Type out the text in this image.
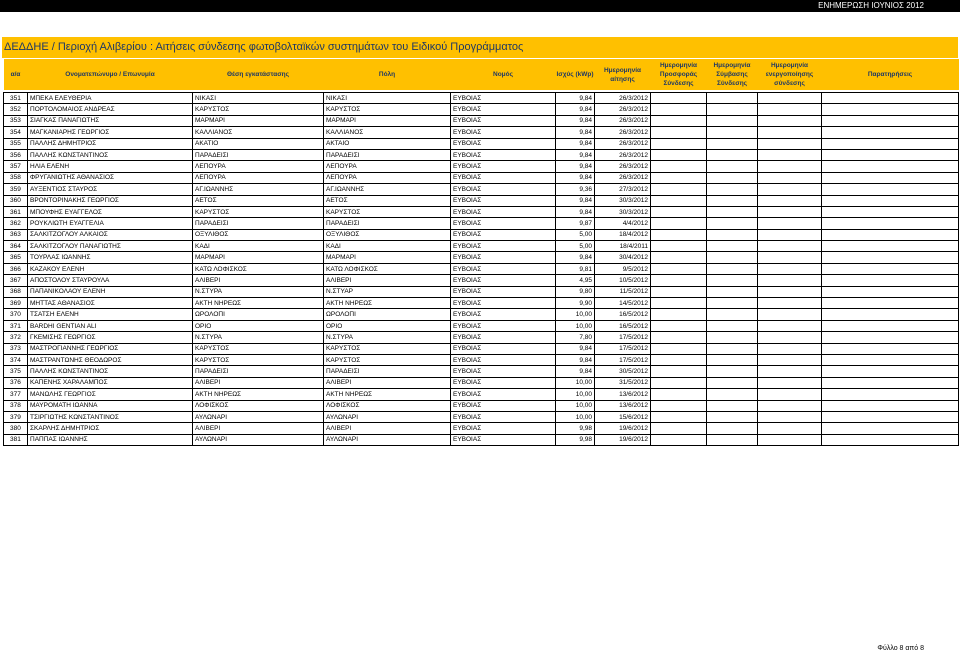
ΕΝΗΜΕΡΩΣΗ ΙΟΥΝΙΟΣ 2012
ΔΕΔΔΗΕ / Περιοχή Αλιβερίου : Αιτήσεις σύνδεσης φωτοβολταϊκών συστημάτων του Ειδικού Προγράμματος
α/α	Ονοματεπώνυμο / Επωνυμία	Θέση εγκατάστασης	Πόλη	Νομός	Ισχύς (kWp)	Ημερομηνία αίτησης	Ημερομηνία Προσφοράς Σύνδεσης	Ημερομηνία Σύμβασης Σύνδεσης	Ημερομηνία ενεργοποίησης σύνδεσης	Παρατηρήσεις

351	ΜΠΕΚΑ ΕΛΕΥΘΕΡΙΑ	ΝΙΚΑΣΙ	ΝΙΚΑΣΙ	ΕΥΒΟΙΑΣ	9,84	26/3/2012				
352	ΠΟΡΤΟΛΟΜΑΙΟΣ ΑΝΔΡΕΑΣ	ΚΑΡΥΣΤΟΣ	ΚΑΡΥΣΤΟΣ	ΕΥΒΟΙΑΣ	9,84	26/3/2012				
353	ΣΙΑΓΚΑΣ ΠΑΝΑΓΙΩΤΗΣ	ΜΑΡΜΑΡΙ	ΜΑΡΜΑΡΙ	ΕΥΒΟΙΑΣ	9,84	26/3/2012				
354	ΜΑΓΚΑΝΙΑΡΗΣ ΓΕΩΡΓΙΟΣ	ΚΑΛΛΙΑΝΟΣ	ΚΑΛΛΙΑΝΟΣ	ΕΥΒΟΙΑΣ	9,84	26/3/2012				
355	ΠΑΛΛΗΣ ΔΗΜΗΤΡΙΟΣ	ΑΚΑΤΙΟ	ΑΚΤΑΙΟ	ΕΥΒΟΙΑΣ	9,84	26/3/2012				
356	ΠΑΛΛΗΣ ΚΩΝΣΤΑΝΤΙΝΟΣ	ΠΑΡΑΔΕΙΣΙ	ΠΑΡΑΔΕΙΣΙ	ΕΥΒΟΙΑΣ	9,84	26/3/2012				
357	ΗΛΙΑ ΕΛΕΝΗ	ΛΕΠΟΥΡΑ	ΛΕΠΟΥΡΑ	ΕΥΒΟΙΑΣ	9,84	26/3/2012				
358	ΦΡΥΓΑΝΙΩΤΗΣ ΑΘΑΝΑΣΙΟΣ	ΛΕΠΟΥΡΑ	ΛΕΠΟΥΡΑ	ΕΥΒΟΙΑΣ	9,84	26/3/2012				
359	ΑΥΞΕΝΤΙΟΣ ΣΤΑΥΡΟΣ	ΑΓ.ΙΩΑΝΝΗΣ	ΑΓ.ΙΩΑΝΝΗΣ	ΕΥΒΟΙΑΣ	9,36	27/3/2012				
360	ΒΡΟΝΤΟΡΙΝΑΚΗΣ ΓΕΩΡΓΙΟΣ	ΑΕΤΟΣ	ΑΕΤΟΣ	ΕΥΒΟΙΑΣ	9,84	30/3/2012				
361	ΜΠΟΥΦΗΣ ΕΥΑΓΓΕΛΟΣ	ΚΑΡΥΣΤΟΣ	ΚΑΡΥΣΤΟΣ	ΕΥΒΟΙΑΣ	9,84	30/3/2012				
362	ΡΟΥΚΛΙΩΤΗ ΕΥΑΓΓΕΛΙΑ	ΠΑΡΑΔΕΙΣΙ	ΠΑΡΑΔΕΙΣΙ	ΕΥΒΟΙΑΣ	9,87	4/4/2012				
363	ΣΑΛΚΙΤΖΟΓΛΟΥ ΑΛΚΑΙΟΣ	ΟΞΥΛΙΘΟΣ	ΟΞΥΛΙΘΟΣ	ΕΥΒΟΙΑΣ	5,00	18/4/2012				
364	ΣΑΛΚΙΤΖΟΓΛΟΥ ΠΑΝΑΓΙΩΤΗΣ	ΚΑΔΙ	ΚΑΔΙ	ΕΥΒΟΙΑΣ	5,00	18/4/2011				
365	ΤΟΥΡΛΑΣ ΙΩΑΝΝΗΣ	ΜΑΡΜΑΡΙ	ΜΑΡΜΑΡΙ	ΕΥΒΟΙΑΣ	9,84	30/4/2012				
366	ΚΑΖΑΚΟΥ ΕΛΕΝΗ	ΚΑΤΩ ΛΟΦΙΣΚΟΣ	ΚΑΤΩ ΛΟΦΙΣΚΟΣ	ΕΥΒΟΙΑΣ	9,81	9/5/2012				
367	ΑΠΟΣΤΟΛΟΥ ΣΤΑΥΡΟΥΛΑ	ΑΛΙΒΕΡΙ	ΑΛΙΒΕΡΙ	ΕΥΒΟΙΑΣ	4,95	10/5/2012				
368	ΠΑΠΑΝΙΚΟΛΑΟΥ ΕΛΕΝΗ	Ν.ΣΤΥΡΑ	Ν.ΣΤΥΑΡ	ΕΥΒΟΙΑΣ	9,80	11/5/2012				
369	ΜΗΤΤΑΣ ΑΘΑΝΑΣΙΟΣ	ΑΚΤΗ ΝΗΡΕΩΣ	ΑΚΤΗ ΝΗΡΕΩΣ	ΕΥΒΟΙΑΣ	9,90	14/5/2012				
370	ΤΣΑΤΣΗ ΕΛΕΝΗ	ΩΡΟΛΟΠΙ	ΩΡΟΛΟΠΙ	ΕΥΒΟΙΑΣ	10,00	16/5/2012				
371	BARDHI GENTIAN ALI	ΟΡΙΟ	ΟΡΙΟ	ΕΥΒΟΙΑΣ	10,00	16/5/2012				
372	ΓΚΕΜΙΣΗΣ ΓΕΩΡΓΙΟΣ	Ν.ΣΤΥΡΑ	Ν.ΣΤΥΡΑ	ΕΥΒΟΙΑΣ	7,80	17/5/2012				
373	ΜΑΣΤΡΟΓΙΑΝΝΗΣ ΓΕΩΡΓΙΟΣ	ΚΑΡΥΣΤΟΣ	ΚΑΡΥΣΤΟΣ	ΕΥΒΟΙΑΣ	9,84	17/5/2012				
374	ΜΑΣΤΡΑΝΤΩΝΗΣ ΘΕΟΔΩΡΟΣ	ΚΑΡΥΣΤΟΣ	ΚΑΡΥΣΤΟΣ	ΕΥΒΟΙΑΣ	9,84	17/5/2012				
375	ΠΑΛΛΗΣ ΚΩΝΣΤΑΝΤΙΝΟΣ	ΠΑΡΑΔΕΙΣΙ	ΠΑΡΑΔΕΙΣΙ	ΕΥΒΟΙΑΣ	9,84	30/5/2012				
376	ΚΑΠΕΝΗΣ ΧΑΡΑΛΑΜΠΟΣ	ΑΛΙΒΕΡΙ	ΑΛΙΒΕΡΙ	ΕΥΒΟΙΑΣ	10,00	31/5/2012				
377	ΜΑΝΩΛΗΣ ΓΕΩΡΓΙΟΣ	ΑΚΤΗ ΝΗΡΕΩΣ	ΑΚΤΗ ΝΗΡΕΩΣ	ΕΥΒΟΙΑΣ	10,00	13/6/2012				
378	ΜΑΥΡΟΜΑΤΗ ΙΩΑΝΝΑ	ΛΟΦΙΣΚΟΣ	ΛΟΦΙΣΚΟΣ	ΕΥΒΟΙΑΣ	10,00	13/6/2012				
379	ΤΣΙΡΓΙΩΤΗΣ ΚΩΝΣΤΑΝΤΙΝΟΣ	ΑΥΛΩΝΑΡΙ	ΑΥΛΩΝΑΡΙ	ΕΥΒΟΙΑΣ	10,00	15/6/2012				
380	ΣΚΑΡΛΗΣ ΔΗΜΗΤΡΙΟΣ	ΑΛΙΒΕΡΙ	ΑΛΙΒΕΡΙ	ΕΥΒΟΙΑΣ	9,98	19/6/2012				
381	ΠΑΠΠΑΣ ΙΩΑΝΝΗΣ	ΑΥΛΩΝΑΡΙ	ΑΥΛΩΝΑΡΙ	ΕΥΒΟΙΑΣ	9,98	19/6/2012				
Φύλλο 8 από 8
